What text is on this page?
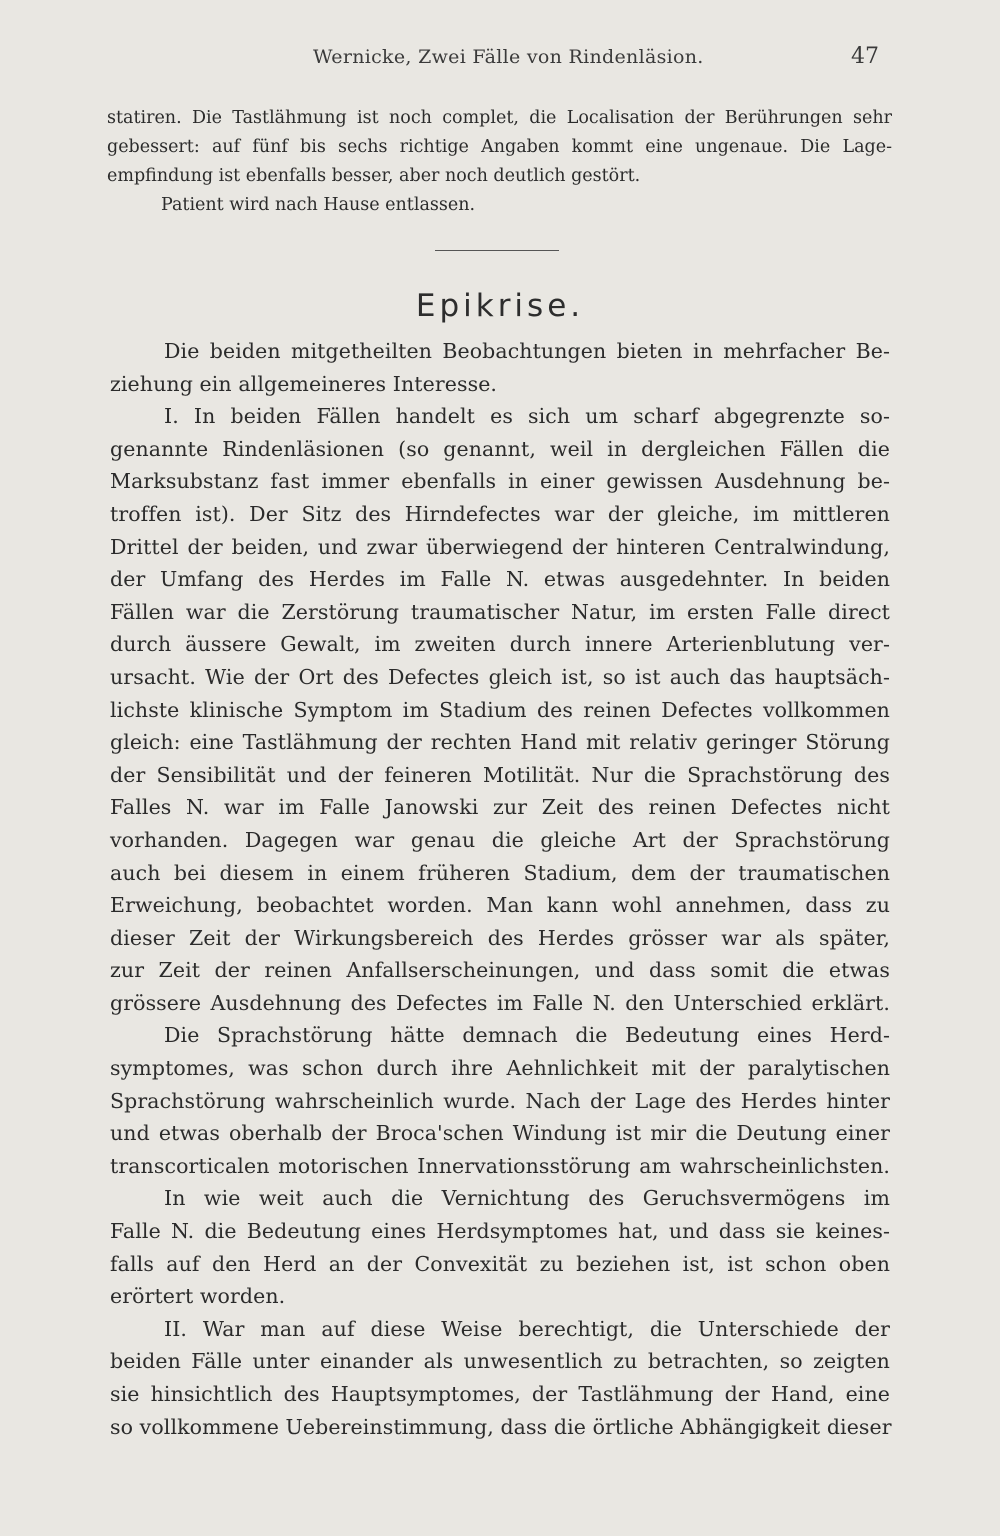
Wernicke, Zwei Fälle von Rindenläsion.	47
statiren. Die Tastlähmung ist noch complet, die Localisation der Berührungen sehr
gebessert: auf fünf bis sechs richtige Angaben kommt eine ungenaue. Die Lage-
empfindung ist ebenfalls besser, aber noch deutlich gestört.
Patient wird nach Hause entlassen.
Epikrise.
Die beiden mitgetheilten Beobachtungen bieten in mehrfacher Be-
ziehung ein allgemeineres Interesse.
I. In beiden Fällen handelt es sich um scharf abgegrenzte so-
genannte Rindenläsionen (so genannt, weil in dergleichen Fällen die
Marksubstanz fast immer ebenfalls in einer gewissen Ausdehnung be-
troffen ist). Der Sitz des Hirndefectes war der gleiche, im mittleren
Drittel der beiden, und zwar überwiegend der hinteren Centralwindung,
der Umfang des Herdes im Falle N. etwas ausgedehnter. In beiden
Fällen war die Zerstörung traumatischer Natur, im ersten Falle direct
durch äussere Gewalt, im zweiten durch innere Arterienblutung ver-
ursacht. Wie der Ort des Defectes gleich ist, so ist auch das hauptsäch-
lichste klinische Symptom im Stadium des reinen Defectes vollkommen
gleich: eine Tastlähmung der rechten Hand mit relativ geringer Störung
der Sensibilität und der feineren Motilität. Nur die Sprachstörung des
Falles N. war im Falle Janowski zur Zeit des reinen Defectes nicht
vorhanden. Dagegen war genau die gleiche Art der Sprachstörung
auch bei diesem in einem früheren Stadium, dem der traumatischen
Erweichung, beobachtet worden. Man kann wohl annehmen, dass zu
dieser Zeit der Wirkungsbereich des Herdes grösser war als später,
zur Zeit der reinen Anfallserscheinungen, und dass somit die etwas
grössere Ausdehnung des Defectes im Falle N. den Unterschied erklärt.
Die Sprachstörung hätte demnach die Bedeutung eines Herd-
symptomes, was schon durch ihre Aehnlichkeit mit der paralytischen
Sprachstörung wahrscheinlich wurde. Nach der Lage des Herdes hinter
und etwas oberhalb der Broca'schen Windung ist mir die Deutung einer
transcorticalen motorischen Innervationsstörung am wahrscheinlichsten.
In wie weit auch die Vernichtung des Geruchsvermögens im
Falle N. die Bedeutung eines Herdsymptomes hat, und dass sie keines-
falls auf den Herd an der Convexität zu beziehen ist, ist schon oben
erörtert worden.
II. War man auf diese Weise berechtigt, die Unterschiede der
beiden Fälle unter einander als unwesentlich zu betrachten, so zeigten
sie hinsichtlich des Hauptsymptomes, der Tastlähmung der Hand, eine
so vollkommene Uebereinstimmung, dass die örtliche Abhängigkeit dieser
